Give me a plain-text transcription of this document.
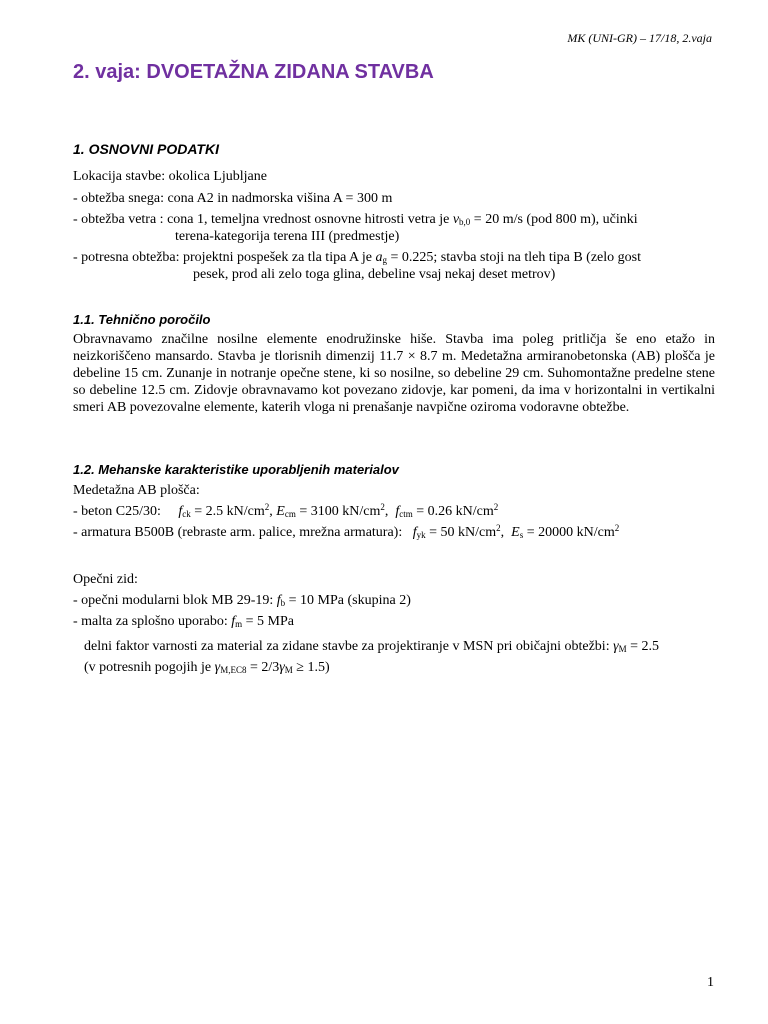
MK (UNI-GR) – 17/18, 2.vaja
2. vaja: DVOETAŽNA ZIDANA STAVBA
1. OSNOVNI PODATKI
Lokacija stavbe: okolica Ljubljane
- obtežba snega: cona A2 in nadmorska višina A = 300 m
- obtežba vetra : cona 1, temeljna vrednost osnovne hitrosti vetra je $v_{b,0} = 20$ m/s (pod 800 m), učinki
terena-kategorija terena III (predmestje)
- potresna obtežba: projektni pospešek za tla tipa A je $a_g = 0.225$; stavba stoji na tleh tipa B (zelo gost
pesek, prod ali zelo toga glina, debeline vsaj nekaj deset metrov)
1.1. Tehnično poročilo

Obravnavamo značilne nosilne elemente enodružinske hiše. Stavba ima poleg pritličja še eno etažo in neizkoriščeno mansardo. Stavba je tlorisnih dimenzij 11.7 × 8.7 m. Medetažna armiranobetonska (AB) plošča je debeline 15 cm. Zunanje in notranje opečne stene, ki so nosilne, so debeline 29 cm. Suhomontažne predelne stene so debeline 12.5 cm. Zidovje obravnavamo kot povezano zidovje, kar pomeni, da ima v horizontalni in vertikalni smeri AB povezovalne elemente, katerih vloga ni prenašanje navpične oziroma vodoravne obtežbe.

1.2. Mehanske karakteristike uporabljenih materialov
Medetažna AB plošča:
- beton C25/30:     $f_{ck} = 2.5$ $kN/cm^2$, $E_{cm} = 3100$ $kN/cm^2$,  $f_{ctm} = 0.26$ $kN/cm^2$
- armatura B500B (rebraste arm. palice, mrežna armatura):   $f_{yk} = 50$ $kN/cm^2$,  $E_s = 20000$ $kN/cm^2$
Opečni zid:
- opečni modularni blok MB 29-19: $f_b = 10$ MPa (skupina 2)
- malta za splošno uporabo: $f_m = 5$ MPa
delni faktor varnosti za material za zidane stavbe za projektiranje v MSN pri običajni obtežbi: $\gamma_M = 2.5$
(v potresnih pogojih je $\gamma_{M,EC8} = 2/3\gamma_M \ge 1.5$)
1
